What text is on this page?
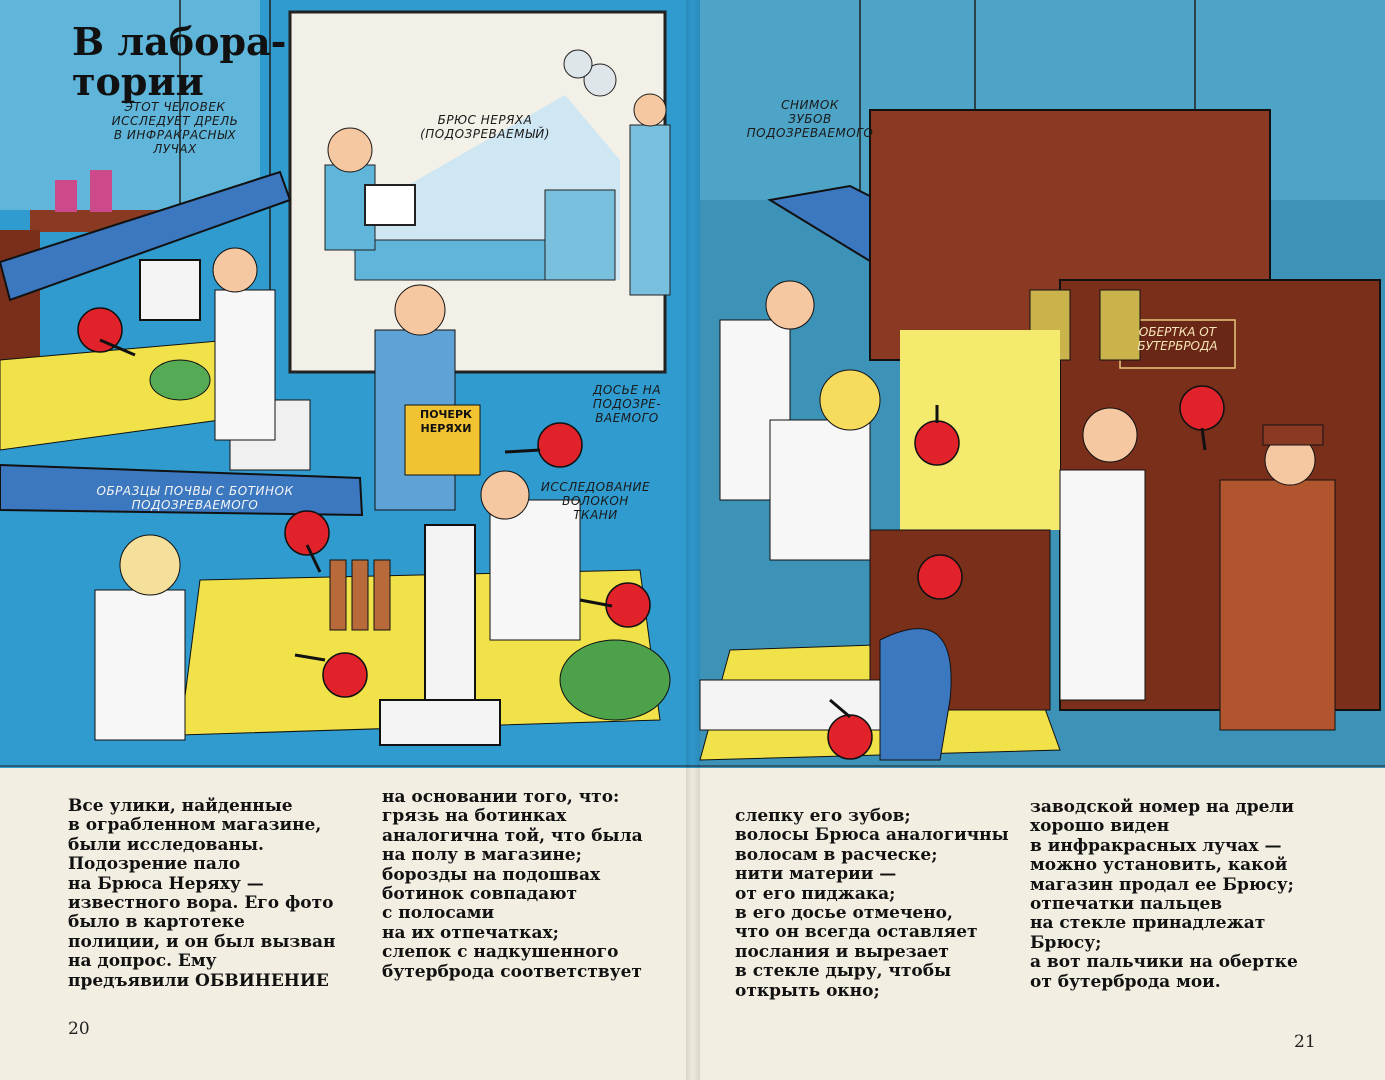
В лабора-
тории
ЭТОТ ЧЕЛОВЕК
ИССЛЕДУЕТ ДРЕЛЬ
В ИНФРАКРАСНЫХ
ЛУЧАХ
БРЮС НЕРЯХА
(ПОДОЗРЕВАЕМЫЙ)
ДОСЬЕ НА
ПОДОЗРЕ-
ВАЕМОГО
ИССЛЕДОВАНИЕ
ВОЛОКОН
ТКАНИ
ОБРАЗЦЫ ПОЧВЫ С БОТИНОК
ПОДОЗРЕВАЕМОГО
СНИМОК
ЗУБОВ
ПОДОЗРЕВАЕМОГО
ОБЕРТКА ОТ
БУТЕРБРОДА
ПОЧЕРК
НЕРЯХИ
Все улики, найденные
в ограбленном магазине,
были исследованы.
Подозрение пало
на Брюса Неряху —
известного вора. Его фото
было в картотеке
полиции, и он был вызван
на допрос. Ему
предъявили ОБВИНЕНИЕ
на основании того, что:
грязь на ботинках
аналогична той, что была
на полу в магазине;
борозды на подошвах
ботинок совпадают
с полосами
на их отпечатках;
слепок с надкушенного
бутерброда соответствует
слепку его зубов;
волосы Брюса аналогичны
волосам в расческе;
нити материи —
от его пиджака;
в его досье отмечено,
что он всегда оставляет
послания и вырезает
в стекле дыру, чтобы
открыть окно;
заводской номер на дрели
хорошо виден
в инфракрасных лучах —
можно установить, какой
магазин продал ее Брюсу;
отпечатки пальцев
на стекле принадлежат
Брюсу;
а вот пальчики на обертке
от бутерброда мои.
20
21
